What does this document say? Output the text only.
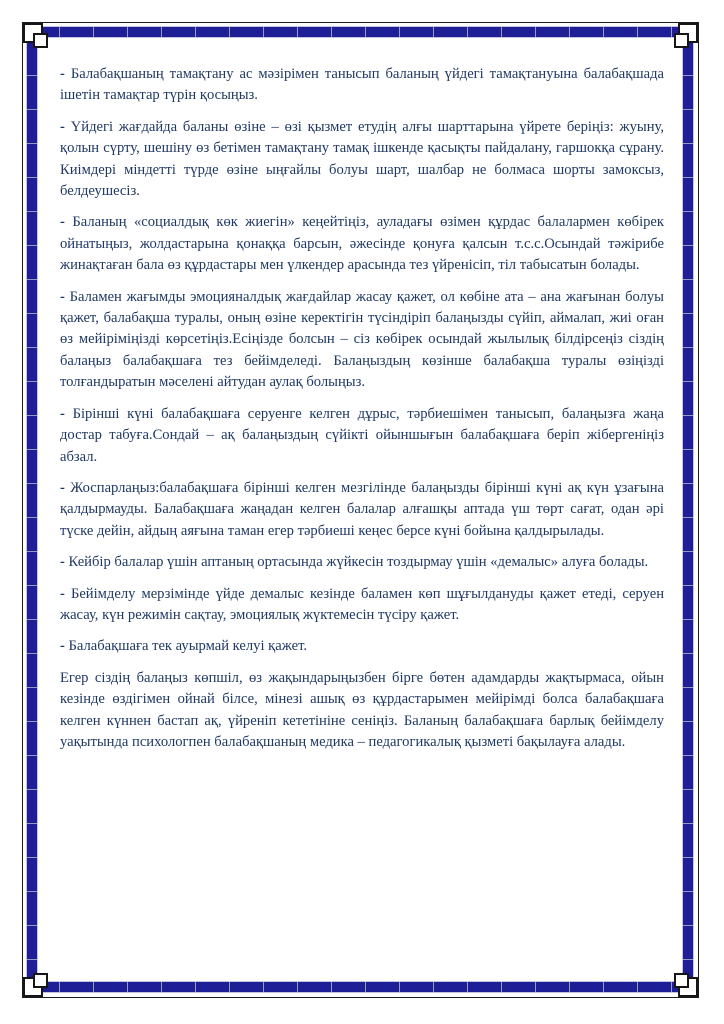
- Балабақшаның тамақтану ас мәзірімен танысып баланың үйдегі тамақтануына балабақшада ішетін тамақтар түрін қосыңыз.

- Үйдегі жағдайда баланы өзіне – өзі қызмет етудің алғы шарттарына үйрете беріңіз: жуыну, қолын сүрту, шешіну өз бетімен тамақтану тамақ ішкенде қасықты пайдалану, гаршокқа сұрану. Киімдері міндетті түрде өзіне ыңғайлы болуы шарт, шалбар не болмаса шорты замоксыз, белдеушесіз.

- Баланың «социалдық көк жиегін» кеңейтіңіз, ауладағы өзімен құрдас балалармен көбірек ойнатыңыз, жолдастарына қонаққа барсын, әжесінде қонуға қалсын т.с.с.Осындай тәжірибе жинақтаған бала өз құрдастары мен үлкендер арасында тез үйренісіп, тіл табысатын болады.

- Баламен жағымды эмоцияналдық жағдайлар жасау қажет, ол көбіне ата – ана жағынан болуы қажет, балабақша туралы, оның өзіне керектігін түсіндіріп балаңызды сүйіп, аймалап, жиі оған өз мейіріміңізді көрсетіңіз.Есіңізде болсын – сіз көбірек осындай жылылық білдірсеңіз сіздің балаңыз балабақшаға тез бейімделеді. Балаңыздың көзінше балабақша туралы өзіңізді толғандыратын мәселені айтудан аулақ болыңыз.

- Бірінші күні балабақшаға серуенге келген дұрыс, тәрбиешімен танысып, балаңызға жаңа достар табуға.Сондай – ақ балаңыздың сүйікті ойыншығын балабақшаға беріп жібергеніңіз абзал.

- Жоспарлаңыз:балабақшаға бірінші келген мезгілінде балаңызды бірінші күні ақ күн ұзағына қалдырмауды. Балабақшаға жаңадан келген балалар алғашқы аптада үш төрт сағат, одан әрі түске дейін, айдың аяғына таман егер тәрбиеші кеңес берсе күні бойына қалдырылады.

- Кейбір балалар үшін аптаның ортасында жүйкесін тоздырмау үшін «демалыс» алуға болады.

- Бейімделу мерзімінде үйде демалыс кезінде баламен көп шұғылдануды қажет етеді, серуен жасау, күн режимін сақтау, эмоциялық жүктемесін түсіру қажет.

- Балабақшаға тек ауырмай келуі қажет.

Егер сіздің балаңыз көпшіл, өз жақындарыңызбен бірге бөтен адамдарды жақтырмаса, ойын кезінде өздігімен ойнай білсе, мінезі ашық өз құрдастарымен мейірімді болса балабақшаға келген күннен бастап ақ, үйреніп кететініне сеніңіз. Баланың балабақшаға барлық бейімделу уақытында психологпен балабақшаның медика – педагогикалық қызметі бақылауға алады.
